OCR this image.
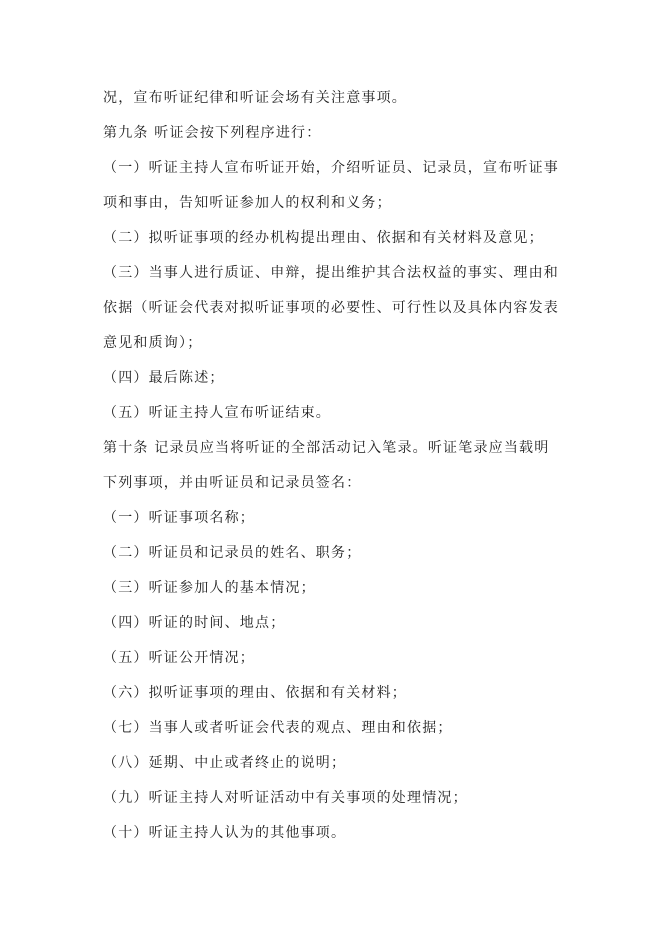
况，宣布听证纪律和听证会场有关注意事项。

第九条 听证会按下列程序进行：

（一）听证主持人宣布听证开始，介绍听证员、记录员，宣布听证事

项和事由，告知听证参加人的权利和义务；

（二）拟听证事项的经办机构提出理由、依据和有关材料及意见；

（三）当事人进行质证、申辩，提出维护其合法权益的事实、理由和

依据（听证会代表对拟听证事项的必要性、可行性以及具体内容发表

意见和质询）；

（四）最后陈述；

（五）听证主持人宣布听证结束。

第十条 记录员应当将听证的全部活动记入笔录。听证笔录应当载明

下列事项，并由听证员和记录员签名：

（一）听证事项名称；

（二）听证员和记录员的姓名、职务；

（三）听证参加人的基本情况；

（四）听证的时间、地点；

（五）听证公开情况；

（六）拟听证事项的理由、依据和有关材料；

（七）当事人或者听证会代表的观点、理由和依据；

（八）延期、中止或者终止的说明；

（九）听证主持人对听证活动中有关事项的处理情况；

（十）听证主持人认为的其他事项。
